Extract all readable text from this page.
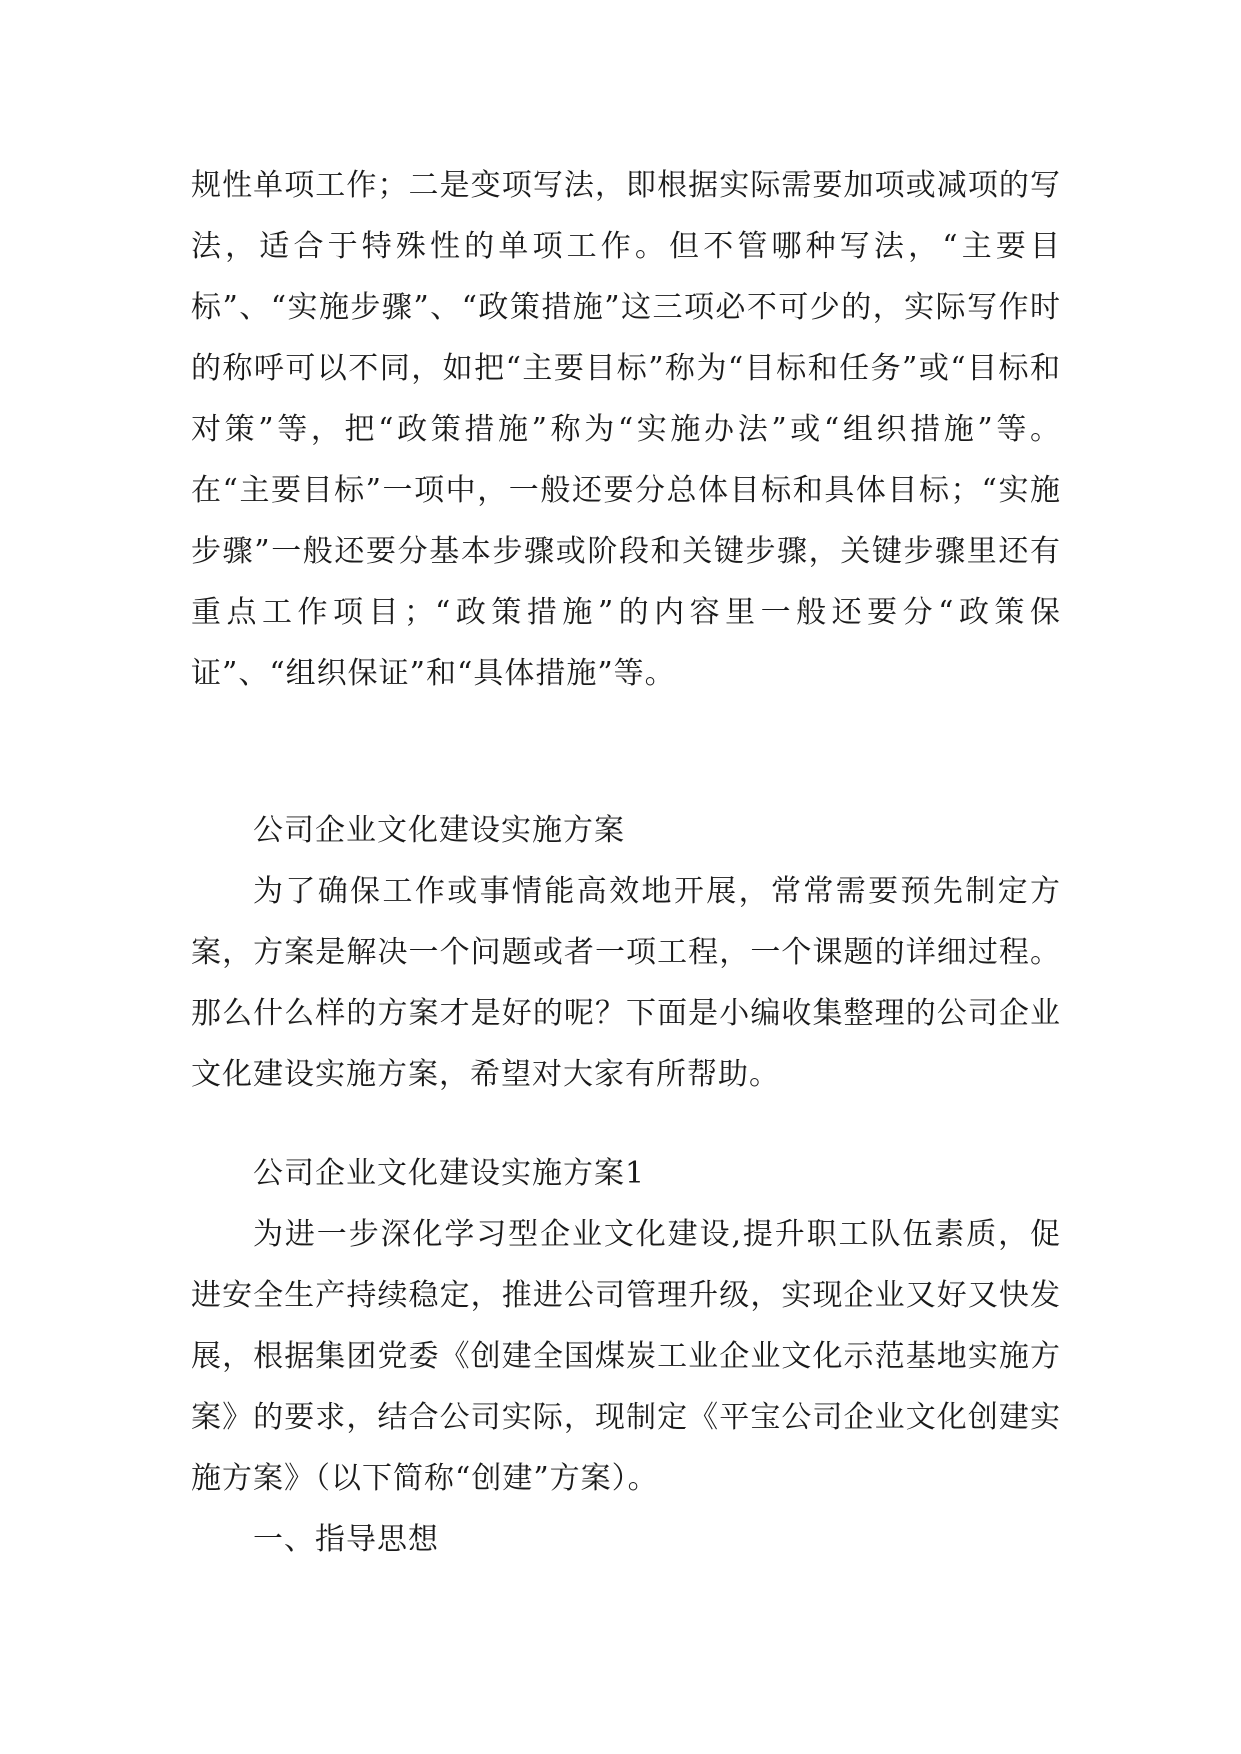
规性单项工作；二是变项写法，即根据实际需要加项或减项的写法，适合于特殊性的单项工作。但不管哪种写法，“主要目标”、“实施步骤”、“政策措施”这三项必不可少的，实际写作时的称呼可以不同，如把“主要目标”称为“目标和任务”或“目标和对策”等，把“政策措施”称为“实施办法”或“组织措施”等。在“主要目标”一项中，一般还要分总体目标和具体目标；“实施步骤”一般还要分基本步骤或阶段和关键步骤，关键步骤里还有重点工作项目；“政策措施”的内容里一般还要分“政策保证”、“组织保证”和“具体措施”等。

公司企业文化建设实施方案

为了确保工作或事情能高效地开展，常常需要预先制定方案，方案是解决一个问题或者一项工程，一个课题的详细过程。那么什么样的方案才是好的呢？下面是小编收集整理的公司企业文化建设实施方案，希望对大家有所帮助。

公司企业文化建设实施方案1

为进一步深化学习型企业文化建设,提升职工队伍素质，促进安全生产持续稳定，推进公司管理升级，实现企业又好又快发展，根据集团党委《创建全国煤炭工业企业文化示范基地实施方案》的要求，结合公司实际，现制定《平宝公司企业文化创建实施方案》（以下简称“创建”方案）。

一、指导思想
